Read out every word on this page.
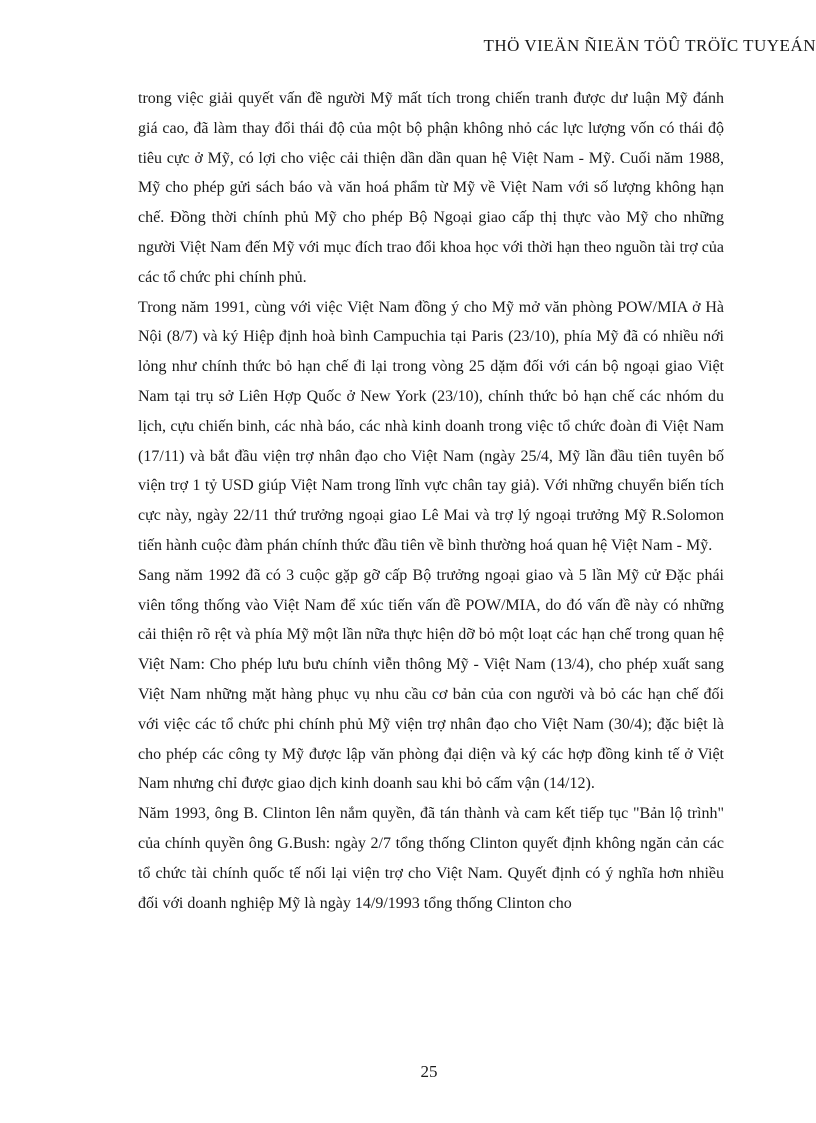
THÖ VIEÄN ÑIEÄN TÖÛ TRÖÏC TUYEÁN

trong việc giải quyết vấn đề người Mỹ mất tích trong chiến tranh được dư luận Mỹ đánh giá cao, đã làm thay đổi thái độ của một bộ phận không nhỏ các lực lượng vốn có thái độ tiêu cực ở Mỹ, có lợi cho việc cải thiện dần dần quan hệ Việt Nam - Mỹ. Cuối năm 1988, Mỹ cho phép gửi sách báo và văn hoá phẩm từ Mỹ về Việt Nam với số lượng không hạn chế. Đồng thời chính phủ Mỹ cho phép Bộ Ngoại giao cấp thị thực vào Mỹ cho những người Việt Nam đến Mỹ với mục đích trao đổi khoa học với thời hạn theo nguồn tài trợ của các tổ chức phi chính phủ.

Trong năm 1991, cùng với việc Việt Nam đồng ý cho Mỹ mở văn phòng POW/MIA ở Hà Nội (8/7) và ký Hiệp định hoà bình Campuchia tại Paris (23/10), phía Mỹ đã có nhiều nới lỏng như chính thức bỏ hạn chế đi lại trong vòng 25 dặm đối với cán bộ ngoại giao Việt Nam tại trụ sở Liên Hợp Quốc ở New York (23/10), chính thức bỏ hạn chế các nhóm du lịch, cựu chiến binh, các nhà báo, các nhà kinh doanh trong việc tổ chức đoàn đi Việt Nam (17/11) và bắt đầu viện trợ nhân đạo cho Việt Nam (ngày 25/4, Mỹ lần đầu tiên tuyên bố viện trợ 1 tỷ USD giúp Việt Nam trong lĩnh vực chân tay giả). Với những chuyển biến tích cực này, ngày 22/11 thứ trưởng ngoại giao Lê Mai và trợ lý ngoại trưởng Mỹ R.Solomon tiến hành cuộc đàm phán chính thức đầu tiên về bình thường hoá quan hệ Việt Nam - Mỹ.

Sang năm 1992 đã có 3 cuộc gặp gỡ cấp Bộ trưởng ngoại giao và 5 lần Mỹ cử Đặc phái viên tổng thống vào Việt Nam để xúc tiến vấn đề POW/MIA, do đó vấn đề này có những cải thiện rõ rệt và phía Mỹ một lần nữa thực hiện dỡ bỏ một loạt các hạn chế trong quan hệ Việt Nam: Cho phép lưu bưu chính viễn thông Mỹ - Việt Nam (13/4), cho phép xuất sang Việt Nam những mặt hàng phục vụ nhu cầu cơ bản của con người và bỏ các hạn chế đối với việc các tổ chức phi chính phủ Mỹ viện trợ nhân đạo cho Việt Nam (30/4); đặc biệt là cho phép các công ty Mỹ được lập văn phòng đại diện và ký các hợp đồng kinh tế ở Việt Nam nhưng chỉ được giao dịch kinh doanh sau khi bỏ cấm vận (14/12).

Năm 1993, ông B. Clinton lên nắm quyền, đã tán thành và cam kết tiếp tục "Bản lộ trình" của chính quyền ông G.Bush: ngày 2/7 tổng thống Clinton quyết định không ngăn cản các tổ chức tài chính quốc tế nối lại viện trợ cho Việt Nam. Quyết định có ý nghĩa hơn nhiều đối với doanh nghiệp Mỹ là ngày 14/9/1993 tổng thống Clinton cho

25
